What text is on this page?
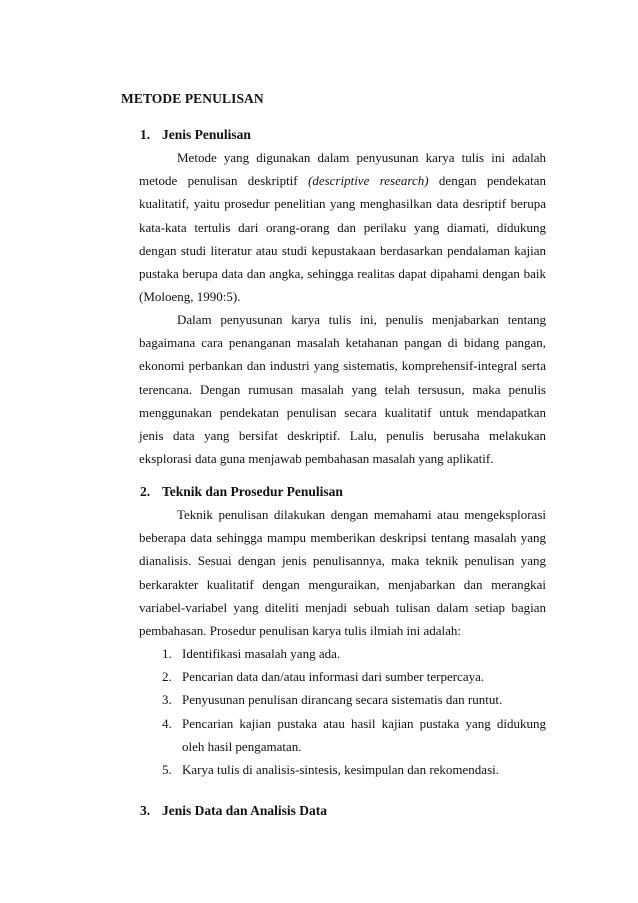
METODE PENULISAN
1. Jenis Penulisan

Metode yang digunakan dalam penyusunan karya tulis ini adalah metode penulisan deskriptif (descriptive research) dengan pendekatan kualitatif, yaitu prosedur penelitian yang menghasilkan data desriptif berupa kata-kata tertulis dari orang-orang dan perilaku yang diamati, didukung dengan studi literatur atau studi kepustakaan berdasarkan pendalaman kajian pustaka berupa data dan angka, sehingga realitas dapat dipahami dengan baik (Moloeng, 1990:5).

Dalam penyusunan karya tulis ini, penulis menjabarkan tentang bagaimana cara penanganan masalah ketahanan pangan di bidang pangan, ekonomi perbankan dan industri yang sistematis, komprehensif-integral serta terencana. Dengan rumusan masalah yang telah tersusun, maka penulis menggunakan pendekatan penulisan secara kualitatif untuk mendapatkan jenis data yang bersifat deskriptif. Lalu, penulis berusaha melakukan eksplorasi data guna menjawab pembahasan masalah yang aplikatif.

2. Teknik dan Prosedur Penulisan

Teknik penulisan dilakukan dengan memahami atau mengeksplorasi beberapa data sehingga mampu memberikan deskripsi tentang masalah yang dianalisis. Sesuai dengan jenis penulisannya, maka teknik penulisan yang berkarakter kualitatif dengan menguraikan, menjabarkan dan merangkai variabel-variabel yang diteliti menjadi sebuah tulisan dalam setiap bagian pembahasan. Prosedur penulisan karya tulis ilmiah ini adalah:

1. Identifikasi masalah yang ada.
2. Pencarian data dan/atau informasi dari sumber terpercaya.
3. Penyusunan penulisan dirancang secara sistematis dan runtut.
4. Pencarian kajian pustaka atau hasil kajian pustaka yang didukung oleh hasil pengamatan.
5. Karya tulis di analisis-sintesis, kesimpulan dan rekomendasi.
3. Jenis Data dan Analisis Data
